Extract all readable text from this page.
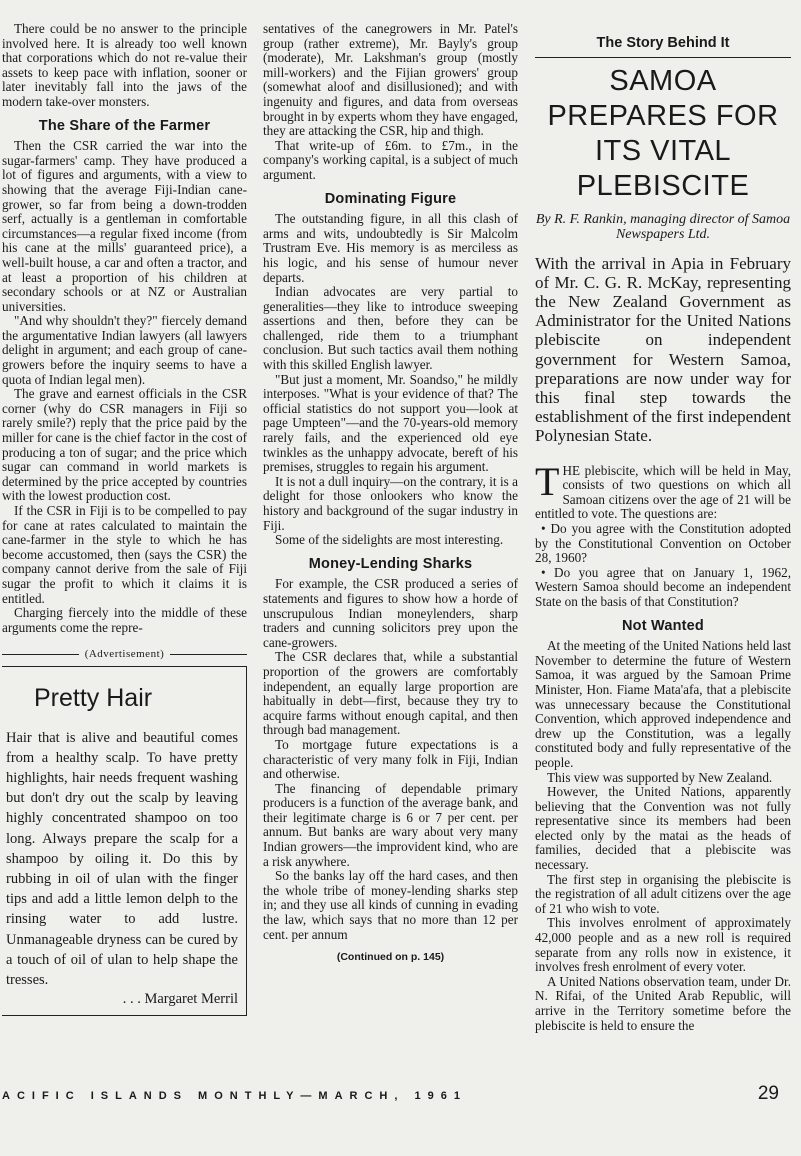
There could be no answer to the principle involved here. It is already too well known that corporations which do not re-value their assets to keep pace with inflation, sooner or later inevitably fall into the jaws of the modern take-over monsters.

The Share of the Farmer

Then the CSR carried the war into the sugar-farmers' camp. They have produced a lot of figures and arguments, with a view to showing that the average Fiji-Indian cane-grower, so far from being a down-trodden serf, actually is a gentleman in comfortable circumstances—a regular fixed income (from his cane at the mills' guaranteed price), a well-built house, a car and often a tractor, and at least a proportion of his children at secondary schools or at NZ or Australian universities.

"And why shouldn't they?" fiercely demand the argumentative Indian lawyers (all lawyers delight in argument; and each group of cane-growers before the inquiry seems to have a quota of Indian legal men).

The grave and earnest officials in the CSR corner (why do CSR managers in Fiji so rarely smile?) reply that the price paid by the miller for cane is the chief factor in the cost of producing a ton of sugar; and the price which sugar can command in world markets is determined by the price accepted by countries with the lowest production cost.

If the CSR in Fiji is to be compelled to pay for cane at rates calculated to maintain the cane-farmer in the style to which he has become accustomed, then (says the CSR) the company cannot derive from the sale of Fiji sugar the profit to which it claims it is entitled.

Charging fiercely into the middle of these arguments come the repre-

(Advertisement)
Pretty Hair
Hair that is alive and beautiful comes from a healthy scalp. To have pretty highlights, hair needs frequent washing but don't dry out the scalp by leaving highly concentrated shampoo on too long. Always prepare the scalp for a shampoo by oiling it. Do this by rubbing in oil of ulan with the finger tips and add a little lemon delph to the rinsing water to add lustre. Unmanageable dryness can be cured by a touch of oil of ulan to help shape the tresses.
. . . Margaret Merril

sentatives of the canegrowers in Mr. Patel's group (rather extreme), Mr. Bayly's group (moderate), Mr. Lakshman's group (mostly mill-workers) and the Fijian growers' group (somewhat aloof and disillusioned); and with ingenuity and figures, and data from overseas brought in by experts whom they have engaged, they are attacking the CSR, hip and thigh.

That write-up of £6m. to £7m., in the company's working capital, is a subject of much argument.

Dominating Figure

The outstanding figure, in all this clash of arms and wits, undoubtedly is Sir Malcolm Trustram Eve. His memory is as merciless as his logic, and his sense of humour never departs.

Indian advocates are very partial to generalities—they like to introduce sweeping assertions and then, before they can be challenged, ride them to a triumphant conclusion. But such tactics avail them nothing with this skilled English lawyer.

"But just a moment, Mr. Soandso," he mildly interposes. "What is your evidence of that? The official statistics do not support you—look at page Umpteen"—and the 70-years-old memory rarely fails, and the experienced old eye twinkles as the unhappy advocate, bereft of his premises, struggles to regain his argument.

It is not a dull inquiry—on the contrary, it is a delight for those onlookers who know the history and background of the sugar industry in Fiji.

Some of the sidelights are most interesting.

Money-Lending Sharks

For example, the CSR produced a series of statements and figures to show how a horde of unscrupulous Indian moneylenders, sharp traders and cunning solicitors prey upon the cane-growers.

The CSR declares that, while a substantial proportion of the growers are comfortably independent, an equally large proportion are habitually in debt—first, because they try to acquire farms without enough capital, and then through bad management.

To mortgage future expectations is a characteristic of very many folk in Fiji, Indian and otherwise.

The financing of dependable primary producers is a function of the average bank, and their legitimate charge is 6 or 7 per cent. per annum. But banks are wary about very many Indian growers—the improvident kind, who are a risk anywhere.

So the banks lay off the hard cases, and then the whole tribe of money-lending sharks step in; and they use all kinds of cunning in evading the law, which says that no more than 12 per cent. per annum

(Continued on p. 145)
The Story Behind It
SAMOA PREPARES FOR ITS VITAL PLEBISCITE
By R. F. Rankin, managing director of Samoa Newspapers Ltd.
With the arrival in Apia in February of Mr. C. G. R. McKay, representing the New Zealand Government as Administrator for the United Nations plebiscite on independent government for Western Samoa, preparations are now under way for this final step towards the establishment of the first independent Polynesian State.

THE plebiscite, which will be held in May, consists of two questions on which all Samoan citizens over the age of 21 will be entitled to vote. The questions are:

• Do you agree with the Constitution adopted by the Constitutional Convention on October 28, 1960?

• Do you agree that on January 1, 1962, Western Samoa should become an independent State on the basis of that Constitution?

Not Wanted

At the meeting of the United Nations held last November to determine the future of Western Samoa, it was argued by the Samoan Prime Minister, Hon. Fiame Mata'afa, that a plebiscite was unnecessary because the Constitutional Convention, which approved independence and drew up the Constitution, was a legally constituted body and fully representative of the people.

This view was supported by New Zealand.

However, the United Nations, apparently believing that the Convention was not fully representative since its members had been elected only by the matai as the heads of families, decided that a plebiscite was necessary.

The first step in organising the plebiscite is the registration of all adult citizens over the age of 21 who wish to vote.

This involves enrolment of approximately 42,000 people and as a new roll is required separate from any rolls now in existence, it involves fresh enrolment of every voter.

A United Nations observation team, under Dr. N. Rifai, of the United Arab Republic, will arrive in the Territory sometime before the plebiscite is held to ensure the

ACIFIC ISLANDS MONTHLY—MARCH, 1961	29
